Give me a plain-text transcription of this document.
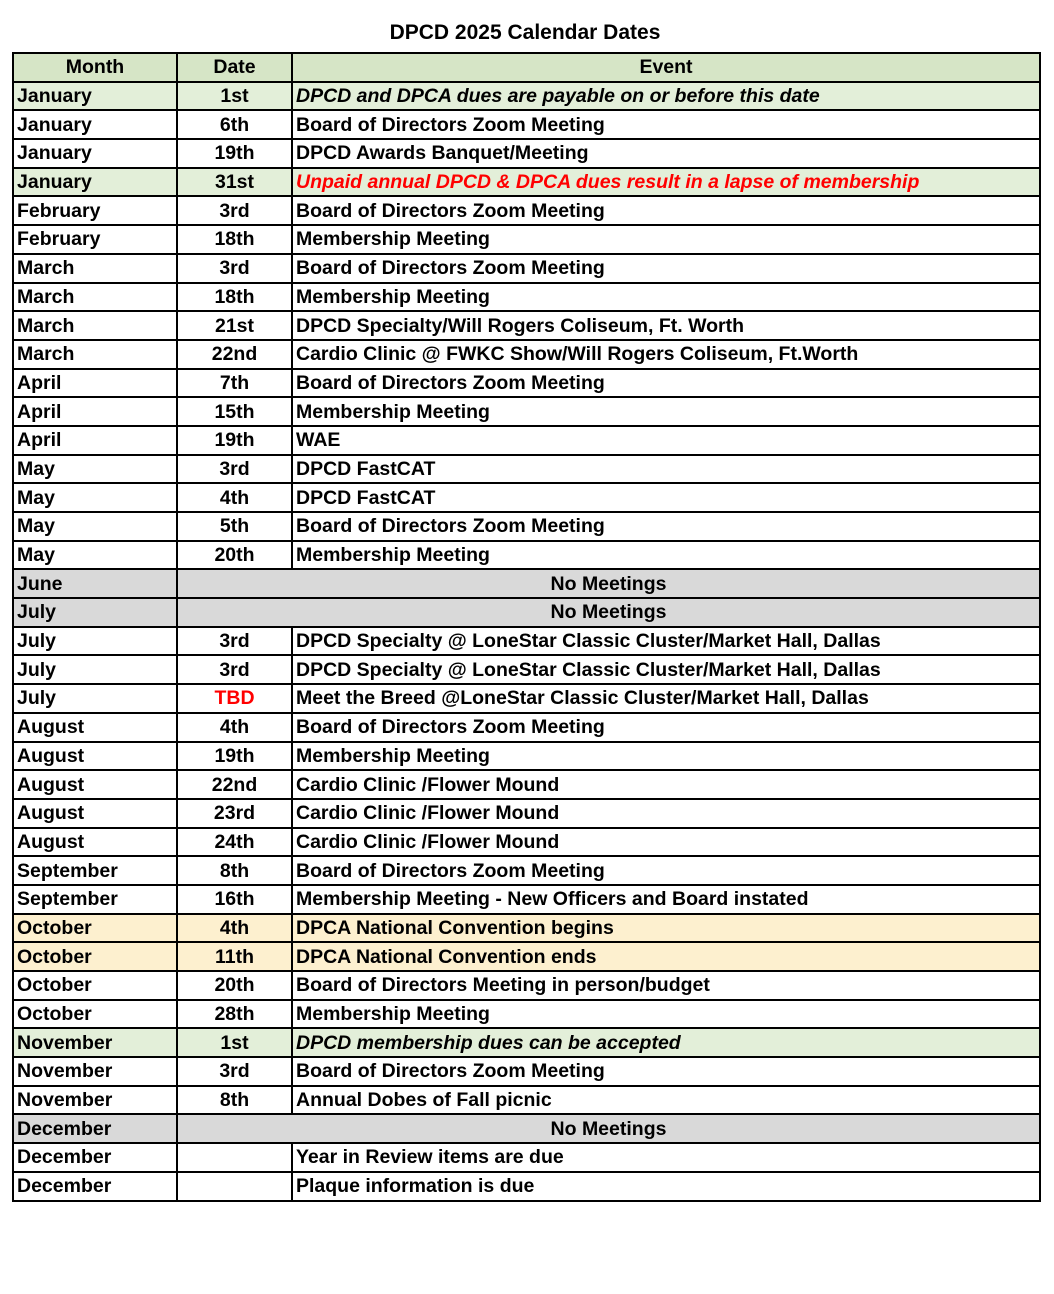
DPCD 2025 Calendar Dates
Month	Date	Event
January	1st	DPCD and DPCA dues are payable on or before this date
January	6th	Board of Directors Zoom Meeting
January	19th	DPCD Awards Banquet/Meeting
January	31st	Unpaid annual DPCD & DPCA dues result in a lapse of membership
February	3rd	Board of Directors Zoom Meeting
February	18th	Membership Meeting
March	3rd	Board of Directors Zoom Meeting
March	18th	Membership Meeting
March	21st	DPCD Specialty/Will Rogers Coliseum, Ft. Worth
March	22nd	Cardio Clinic @ FWKC Show/Will Rogers Coliseum, Ft.Worth
April	7th	Board of Directors Zoom Meeting
April	15th	Membership Meeting
April	19th	WAE
May	3rd	DPCD FastCAT
May	4th	DPCD FastCAT
May	5th	Board of Directors Zoom Meeting
May	20th	Membership Meeting
June	No Meetings	
July	No Meetings	
July	3rd	DPCD Specialty @ LoneStar Classic Cluster/Market Hall, Dallas
July	3rd	DPCD Specialty @ LoneStar Classic Cluster/Market Hall, Dallas
July	TBD	Meet the Breed @LoneStar Classic Cluster/Market Hall, Dallas
August	4th	Board of Directors Zoom Meeting
August	19th	Membership Meeting
August	22nd	Cardio Clinic /Flower Mound
August	23rd	Cardio Clinic /Flower Mound
August	24th	Cardio Clinic /Flower Mound
September	8th	Board of Directors Zoom Meeting
September	16th	Membership Meeting - New Officers and Board instated
October	4th	DPCA National Convention begins
October	11th	DPCA National Convention ends
October	20th	Board of Directors Meeting in person/budget
October	28th	Membership Meeting
November	1st	DPCD membership dues can be accepted
November	3rd	Board of Directors Zoom Meeting
November	8th	Annual Dobes of Fall picnic
December	No Meetings	
December		Year in Review items are due
December		Plaque information is due
